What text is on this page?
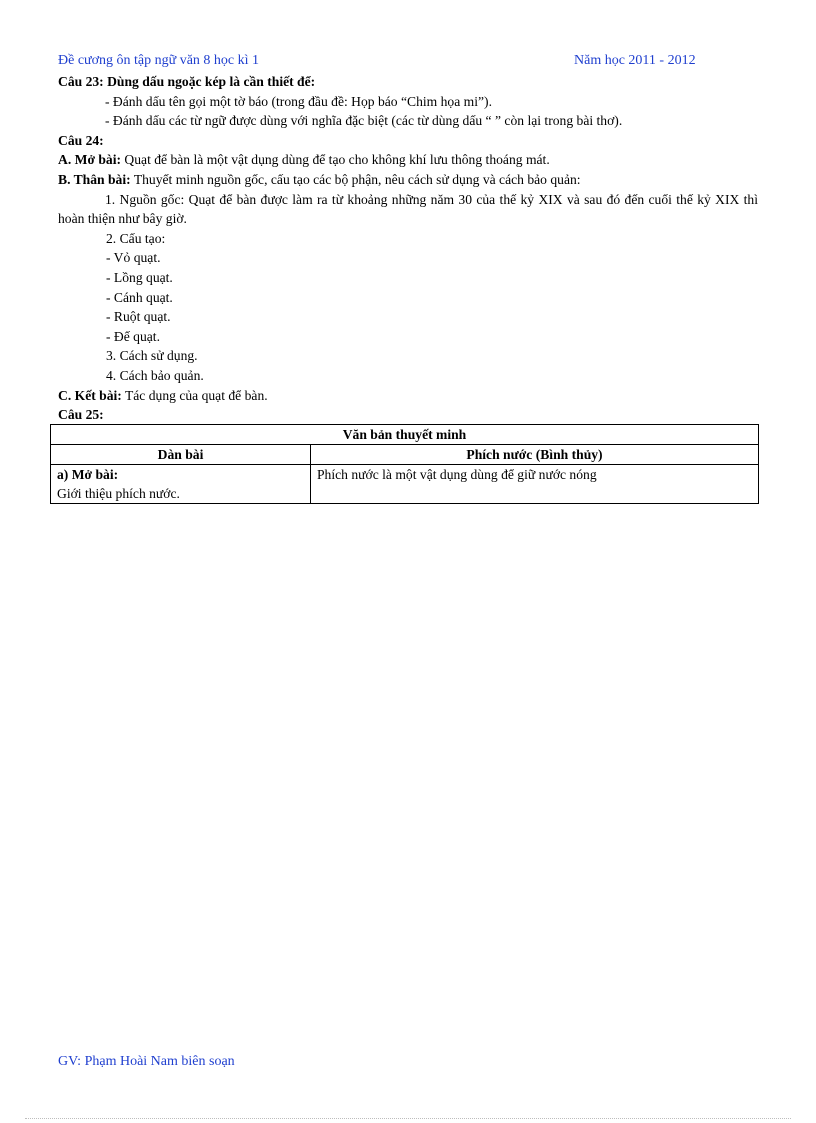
Đề cương ôn tập ngữ văn 8 học kì 1	Năm học 2011 - 2012
Câu 23: Dùng dấu ngoặc kép là cần thiết để:
- Đánh dấu tên gọi một tờ báo (trong đầu đề: Họp báo “Chim họa mi”).
- Đánh dấu các từ ngữ được dùng với nghĩa đặc biệt (các từ dùng dấu “ ” còn lại trong bài thơ).
Câu 24:
A. Mở bài: Quạt để bàn là một vật dụng dùng để tạo cho không khí lưu thông thoáng mát.
B. Thân bài: Thuyết minh nguồn gốc, cấu tạo các bộ phận, nêu cách sử dụng và cách bảo quản:
1. Nguồn gốc: Quạt để bàn được làm ra từ khoảng những năm 30 của thế kỷ XIX và sau đó đến cuối thế kỷ XIX thì hoàn thiện như bây giờ.
2. Cấu tạo:
- Vỏ quạt.
- Lồng quạt.
- Cánh quạt.
- Ruột quạt.
- Đế quạt.
3. Cách sử dụng.
4. Cách bảo quản.
C. Kết bài: Tác dụng của quạt để bàn.
Câu 25:
Văn bản thuyết minh	
Dàn bài	Phích nước (Bình thủy)

a) Mở bài:
Giới thiệu phích nước.	Phích nước là một vật dụng dùng để giữ nước nóng
GV: Phạm Hoài Nam biên soạn
